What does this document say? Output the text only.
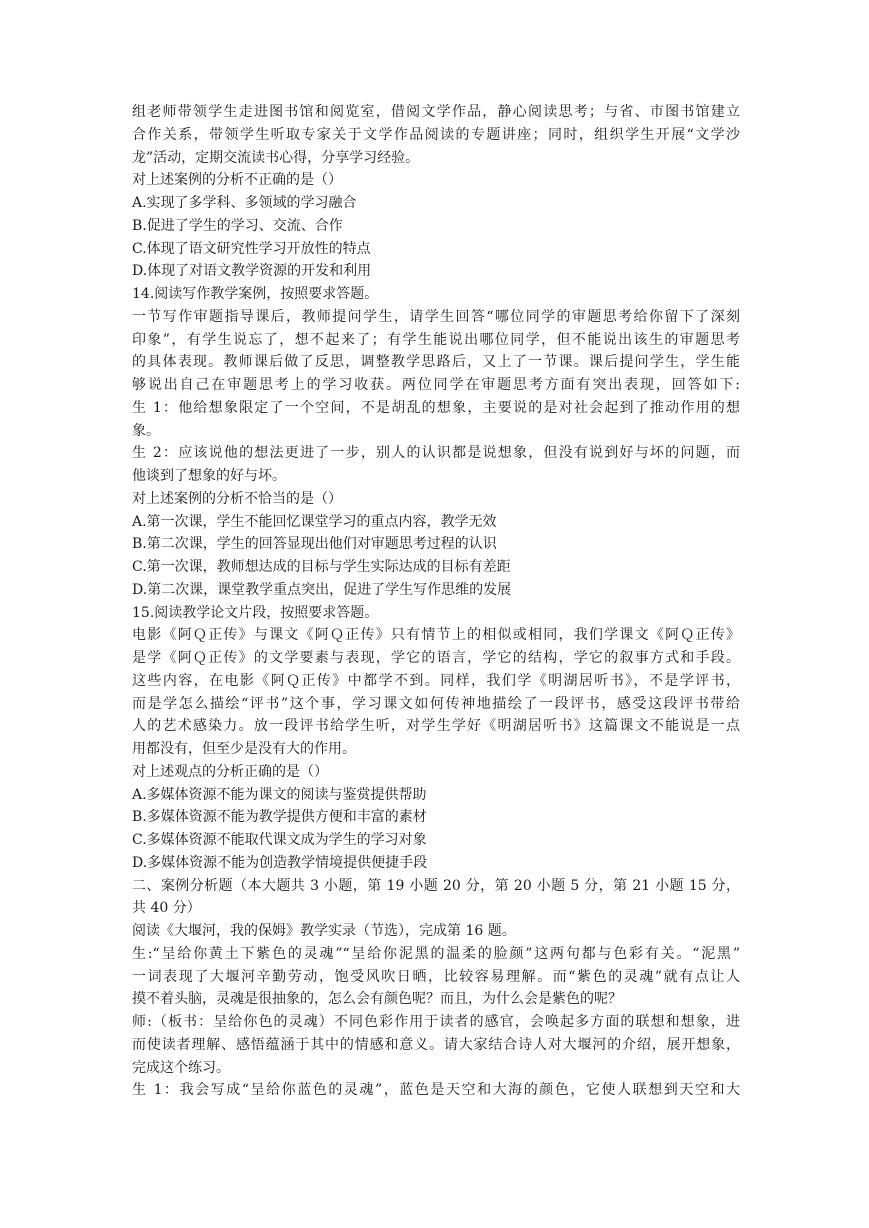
组老师带领学生走进图书馆和阅览室，借阅文学作品，静心阅读思考；与省、市图书馆建立
合作关系，带领学生听取专家关于文学作品阅读的专题讲座；同时，组织学生开展“文学沙
龙”活动，定期交流读书心得，分享学习经验。
对上述案例的分析不正确的是（）
A.实现了多学科、多领域的学习融合
B.促进了学生的学习、交流、合作
C.体现了语文研究性学习开放性的特点
D.体现了对语文教学资源的开发和利用
14.阅读写作教学案例，按照要求答题。
一节写作审题指导课后，教师提问学生，请学生回答“哪位同学的审题思考给你留下了深刻
印象”，有学生说忘了，想不起来了；有学生能说出哪位同学，但不能说出该生的审题思考
的具体表现。教师课后做了反思，调整教学思路后，又上了一节课。课后提问学生，学生能
够说出自己在审题思考上的学习收获。两位同学在审题思考方面有突出表现，回答如下:
生 1：他给想象限定了一个空间，不是胡乱的想象，主要说的是对社会起到了推动作用的想
象。
生 2：应该说他的想法更进了一步，别人的认识都是说想象，但没有说到好与坏的问题，而
他谈到了想象的好与坏。
对上述案例的分析不恰当的是（）
A.第一次课，学生不能回忆课堂学习的重点内容，教学无效
B.第二次课，学生的回答显现出他们对审题思考过程的认识
C.第一次课，教师想达成的目标与学生实际达成的目标有差距
D.第二次课，课堂教学重点突出，促进了学生写作思维的发展
15.阅读教学论文片段，按照要求答题。
电影《阿Ｑ正传》与课文《阿Ｑ正传》只有情节上的相似或相同，我们学课文《阿Ｑ正传》
是学《阿Ｑ正传》的文学要素与表现，学它的语言，学它的结构，学它的叙事方式和手段。
这些内容，在电影《阿Ｑ正传》中都学不到。同样，我们学《明湖居听书》，不是学评书，
而是学怎么描绘“评书”这个事，学习课文如何传神地描绘了一段评书，感受这段评书带给
人的艺术感染力。放一段评书给学生听，对学生学好《明湖居听书》这篇课文不能说是一点
用都没有，但至少是没有大的作用。
对上述观点的分析正确的是（）
A.多媒体资源不能为课文的阅读与鉴赏提供帮助
B.多媒体资源不能为教学提供方便和丰富的素材
C.多媒体资源不能取代课文成为学生的学习对象
D.多媒体资源不能为创造教学情境提供便捷手段
二、案例分析题（本大题共 3 小题，第 19 小题 20 分，第 20 小题 5 分，第 21 小题 15 分，
共 40 分）
阅读《大堰河，我的保姆》教学实录（节选），完成第 16 题。
生:“呈给你黄土下紫色的灵魂”“呈给你泥黑的温柔的脸颜”这两句都与色彩有关。“泥黑”
一词表现了大堰河辛勤劳动，饱受风吹日晒，比较容易理解。而“紫色的灵魂”就有点让人
摸不着头脑，灵魂是很抽象的，怎么会有颜色呢？而且，为什么会是紫色的呢？
师:（板书：呈给你色的灵魂）不同色彩作用于读者的感官，会唤起多方面的联想和想象，进
而使读者理解、感悟蕴涵于其中的情感和意义。请大家结合诗人对大堰河的介绍，展开想象，
完成这个练习。
生 1：我会写成“呈给你蓝色的灵魂”，蓝色是天空和大海的颜色，它使人联想到天空和大
